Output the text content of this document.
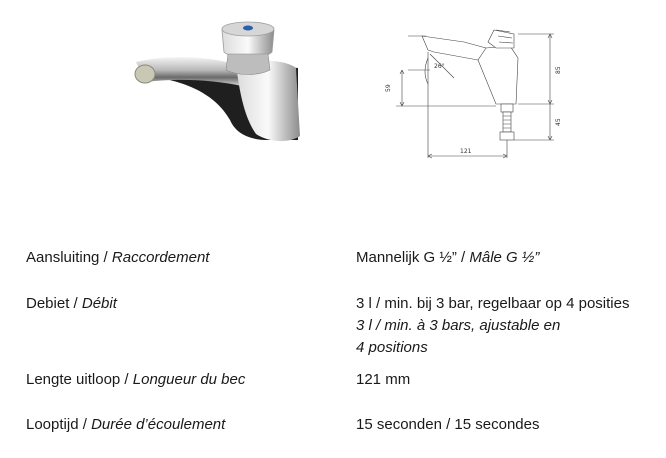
59
85
45
121
26°
Aansluiting / Raccordement	Mannelijk G ½” / Mâle G ½”
Debiet / Débit	3 l / min. bij 3 bar, regelbaar op 4 posities
3 l / min. à 3 bars, ajustable en
4 positions
Lengte uitloop / Longueur du bec	121 mm
Looptijd / Durée d’écoulement	15 seconden / 15 secondes
